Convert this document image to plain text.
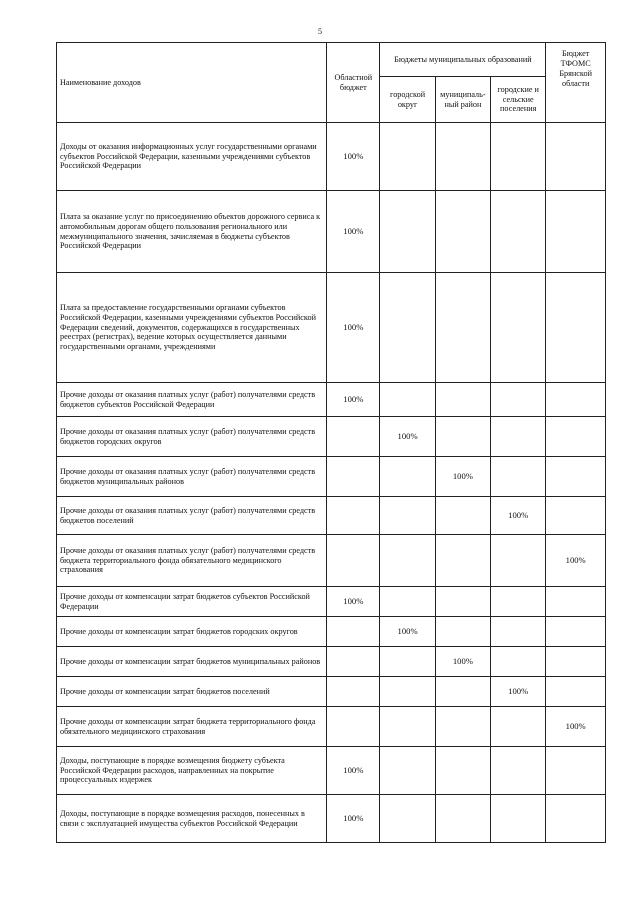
5
Наименование доходов	Областной бюджет	Бюджеты муниципальных образований			Бюджет ТФОМС Брянской области
		городской округ	муниципаль-ный район	городские и сельские поселения	
Доходы от оказания информационных услуг государственными органами субъектов Российской Федерации, казенными учреждениями субъектов Российской Федерации	100%				
Плата за оказание услуг по присоединению объектов дорожного сервиса к автомобильным дорогам общего пользования регионального или межмуниципального значения, зачисляемая в бюджеты субъектов Российской Федерации	100%				
Плата за предоставление государственными органами субъектов Российской Федерации, казенными учреждениями субъектов Российской Федерации сведений, документов, содержащихся в государственных реестрах (регистрах), ведение которых осуществляется данными государственными органами, учреждениями	100%				
Прочие доходы от оказания платных услуг (работ) получателями средств бюджетов субъектов Российской Федерации	100%				
Прочие доходы от оказания платных услуг (работ) получателями средств бюджетов городских округов		100%			
Прочие доходы от оказания платных услуг (работ) получателями средств бюджетов муниципальных районов			100%		
Прочие доходы от оказания платных услуг (работ) получателями средств бюджетов поселений				100%	
Прочие доходы от оказания платных услуг (работ) получателями средств бюджета территориального фонда обязательного медицинского страхования					100%
Прочие доходы от компенсации затрат бюджетов субъектов Российской Федерации	100%				
Прочие доходы от компенсации затрат бюджетов городских округов		100%			
Прочие доходы от компенсации затрат бюджетов муниципальных районов			100%		
Прочие доходы от компенсации затрат бюджетов поселений				100%	
Прочие доходы от компенсации затрат бюджета территориального фонда обязательного медицинского страхования					100%
Доходы, поступающие в порядке возмещения бюджету субъекта Российской Федерации расходов, направленных на покрытие процессуальных издержек	100%				
Доходы, поступающие в порядке возмещения расходов, понесенных в связи с эксплуатацией имущества субъектов Российской Федерации	100%				
